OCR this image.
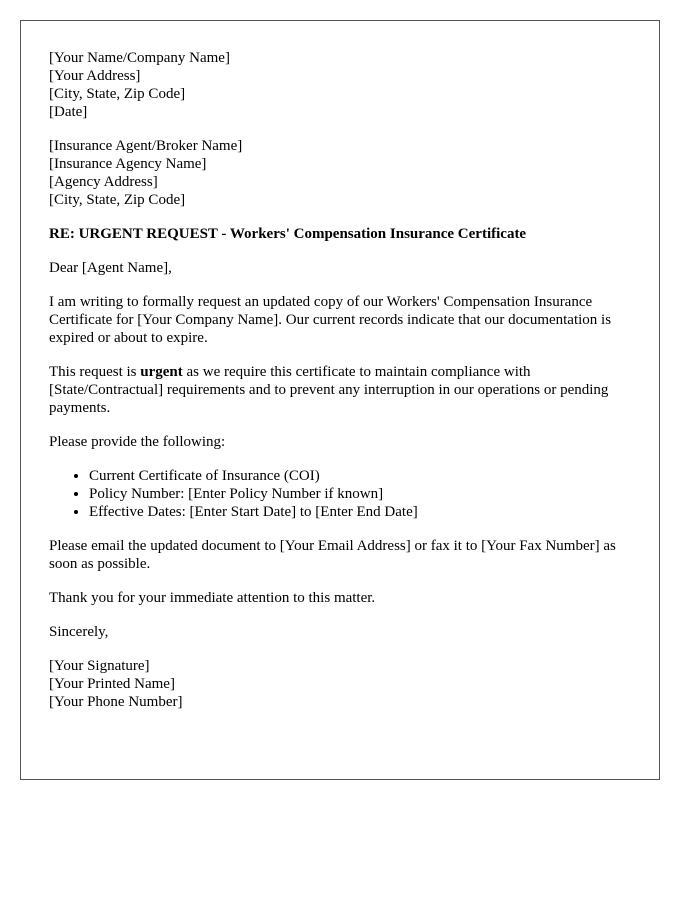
[Your Name/Company Name]
[Your Address]
[City, State, Zip Code]
[Date]
[Insurance Agent/Broker Name]
[Insurance Agency Name]
[Agency Address]
[City, State, Zip Code]

RE: URGENT REQUEST - Workers' Compensation Insurance Certificate

Dear [Agent Name],

I am writing to formally request an updated copy of our Workers' Compensation Insurance Certificate for [Your Company Name]. Our current records indicate that our documentation is expired or about to expire.

This request is urgent as we require this certificate to maintain compliance with [State/Contractual] requirements and to prevent any interruption in our operations or pending payments.

Please provide the following:

• Current Certificate of Insurance (COI)
• Policy Number: [Enter Policy Number if known]
• Effective Dates: [Enter Start Date] to [Enter End Date]

Please email the updated document to [Your Email Address] or fax it to [Your Fax Number] as soon as possible.

Thank you for your immediate attention to this matter.

Sincerely,

[Your Signature]
[Your Printed Name]
[Your Phone Number]
